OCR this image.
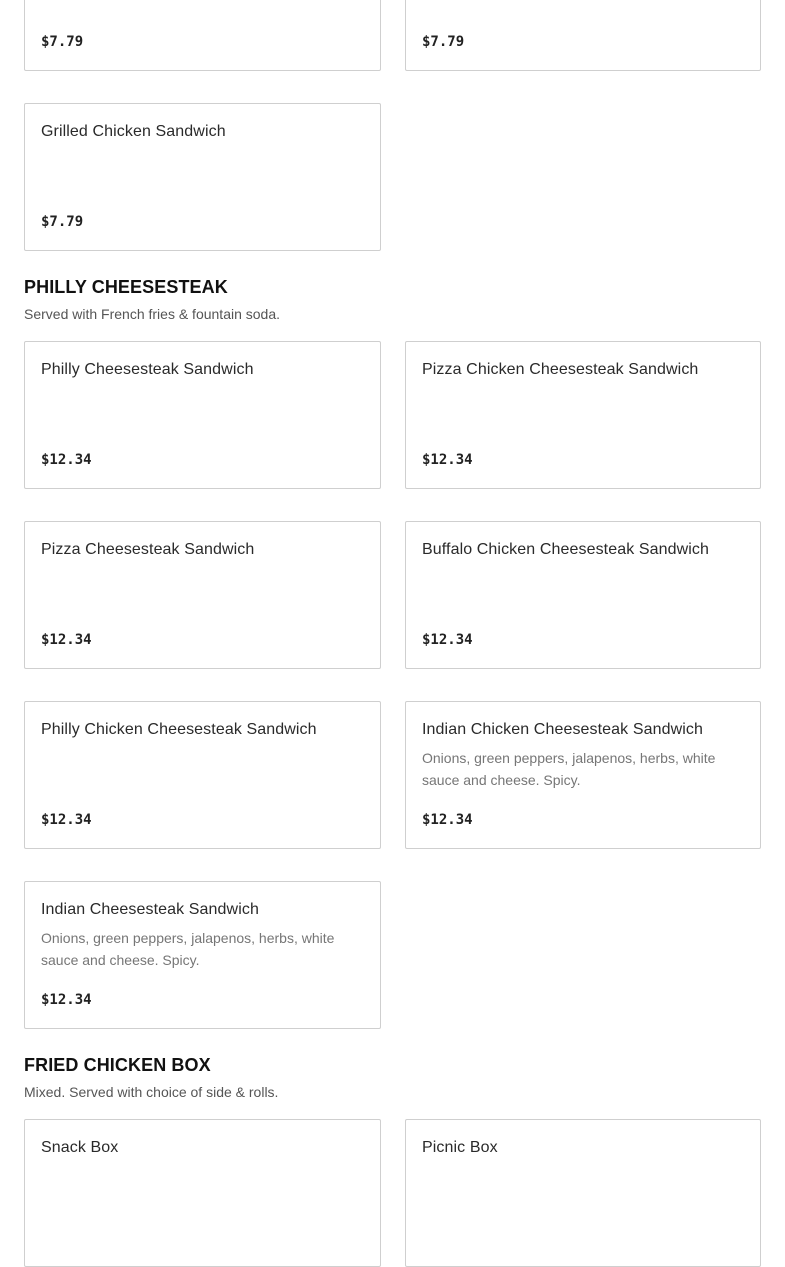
$7.79	$7.79
Grilled Chicken Sandwich
$7.79
PHILLY CHEESESTEAK

Served with French fries & fountain soda.

Philly Cheesesteak Sandwich
$12.34
Pizza Chicken Cheesesteak Sandwich
$12.34
Pizza Cheesesteak Sandwich
$12.34
Buffalo Chicken Cheesesteak Sandwich
$12.34
Philly Chicken Cheesesteak Sandwich
$12.34
Indian Chicken Cheesesteak Sandwich
Onions, green peppers, jalapenos, herbs, white sauce and cheese. Spicy.
$12.34
Indian Cheesesteak Sandwich
Onions, green peppers, jalapenos, herbs, white sauce and cheese. Spicy.
$12.34
FRIED CHICKEN BOX

Mixed. Served with choice of side & rolls.

Snack Box	Picnic Box
